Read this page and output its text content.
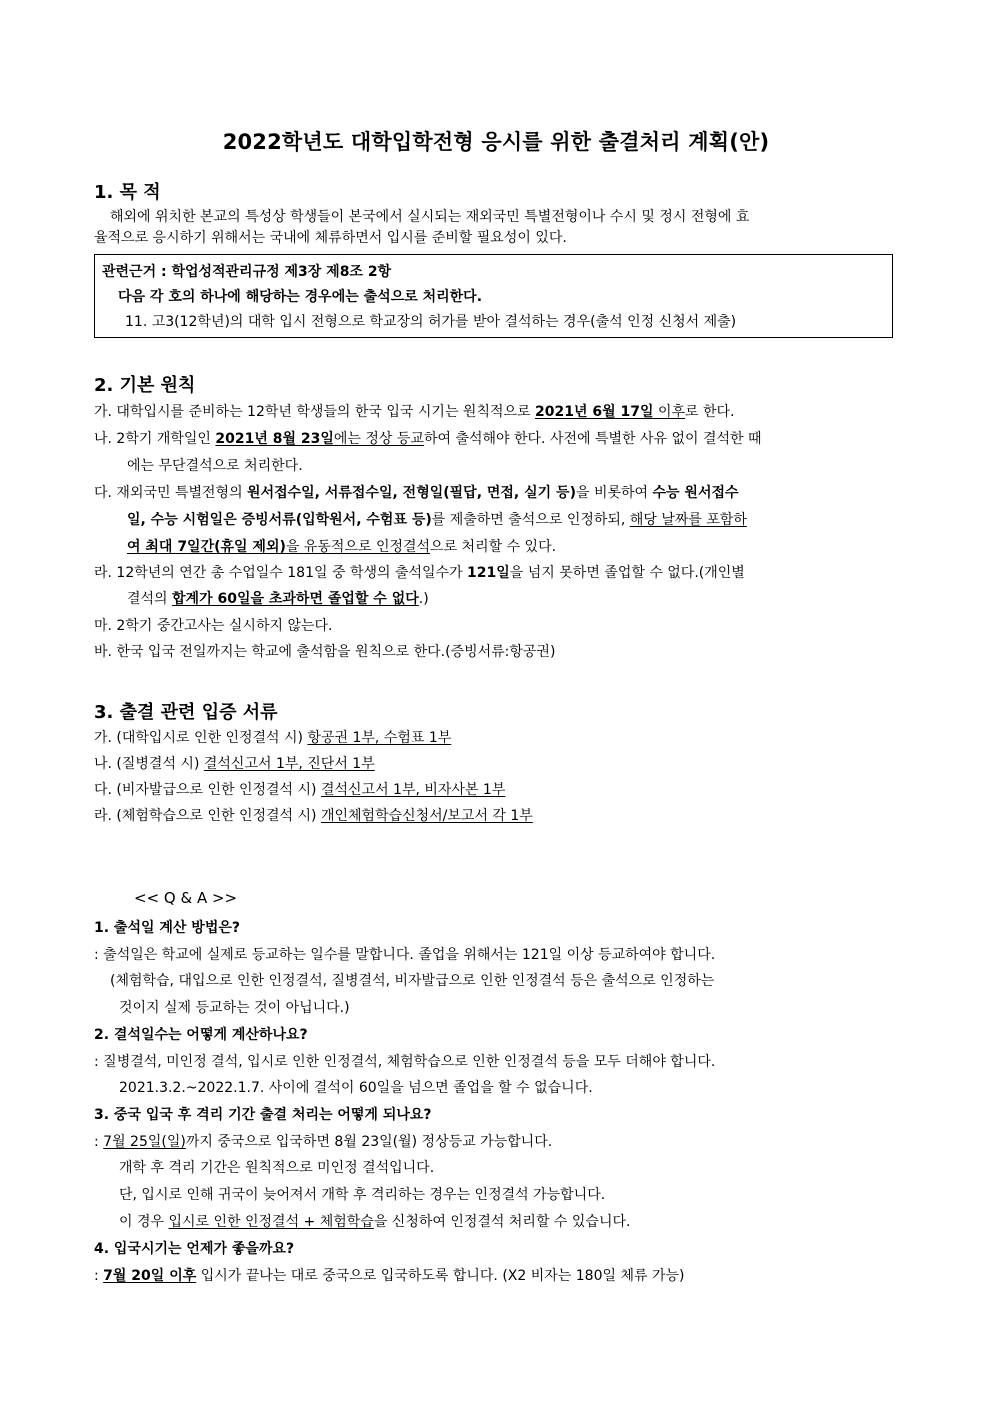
2022학년도 대학입학전형 응시를 위한 출결처리 계획(안)
1. 목 적
해외에 위치한 본교의 특성상 학생들이 본국에서 실시되는 재외국민 특별전형이나 수시 및 정시 전형에 효
율적으로 응시하기 위해서는 국내에 체류하면서 입시를 준비할 필요성이 있다.
관련근거 : 학업성적관리규정 제3장 제8조 2항
다음 각 호의 하나에 해당하는 경우에는 출석으로 처리한다.
11. 고3(12학년)의 대학 입시 전형으로 학교장의 허가를 받아 결석하는 경우(출석 인정 신청서 제출)
2. 기본 원칙
가. 대학입시를 준비하는 12학년 학생들의 한국 입국 시기는 원칙적으로 2021년 6월 17일 이후로 한다.
나. 2학기 개학일인 2021년 8월 23일에는 정상 등교하여 출석해야 한다. 사전에 특별한 사유 없이 결석한 때
에는 무단결석으로 처리한다.
다. 재외국민 특별전형의 원서접수일, 서류접수일, 전형일(필답, 면접, 실기 등)을 비롯하여 수능 원서접수
일, 수능 시험일은 증빙서류(입학원서, 수험표 등)를 제출하면 출석으로 인정하되, 해당 날짜를 포함하
여 최대 7일간(휴일 제외)을 유동적으로 인정결석으로 처리할 수 있다.
라. 12학년의 연간 총 수업일수 181일 중 학생의 출석일수가 121일을 넘지 못하면 졸업할 수 없다.(개인별
결석의 합계가 60일을 초과하면 졸업할 수 없다.)
마. 2학기 중간고사는 실시하지 않는다.
바. 한국 입국 전일까지는 학교에 출석함을 원칙으로 한다.(증빙서류:항공권)
3. 출결 관련 입증 서류
가. (대학입시로 인한 인정결석 시) 항공권 1부, 수험표 1부
나. (질병결석 시) 결석신고서 1부, 진단서 1부
다. (비자발급으로 인한 인정결석 시) 결석신고서 1부, 비자사본 1부
라. (체험학습으로 인한 인정결석 시) 개인체험학습신청서/보고서 각 1부
<< Q & A >>
1. 출석일 계산 방법은?
: 출석일은 학교에 실제로 등교하는 일수를 말합니다. 졸업을 위해서는 121일 이상 등교하여야 합니다.
(체험학습, 대입으로 인한 인정결석, 질병결석, 비자발급으로 인한 인정결석 등은 출석으로 인정하는
것이지 실제 등교하는 것이 아닙니다.)
2. 결석일수는 어떻게 계산하나요?
: 질병결석, 미인정 결석, 입시로 인한 인정결석, 체험학습으로 인한 인정결석 등을 모두 더해야 합니다.
2021.3.2.~2022.1.7. 사이에 결석이 60일을 넘으면 졸업을 할 수 없습니다.
3. 중국 입국 후 격리 기간 출결 처리는 어떻게 되나요?
: 7월 25일(일)까지 중국으로 입국하면 8월 23일(월) 정상등교 가능합니다.
개학 후 격리 기간은 원칙적으로 미인정 결석입니다.
단, 입시로 인해 귀국이 늦어져서 개학 후 격리하는 경우는 인정결석 가능합니다.
이 경우 입시로 인한 인정결석 + 체험학습을 신청하여 인정결석 처리할 수 있습니다.
4. 입국시기는 언제가 좋을까요?
: 7월 20일 이후 입시가 끝나는 대로 중국으로 입국하도록 합니다. (X2 비자는 180일 체류 가능)
